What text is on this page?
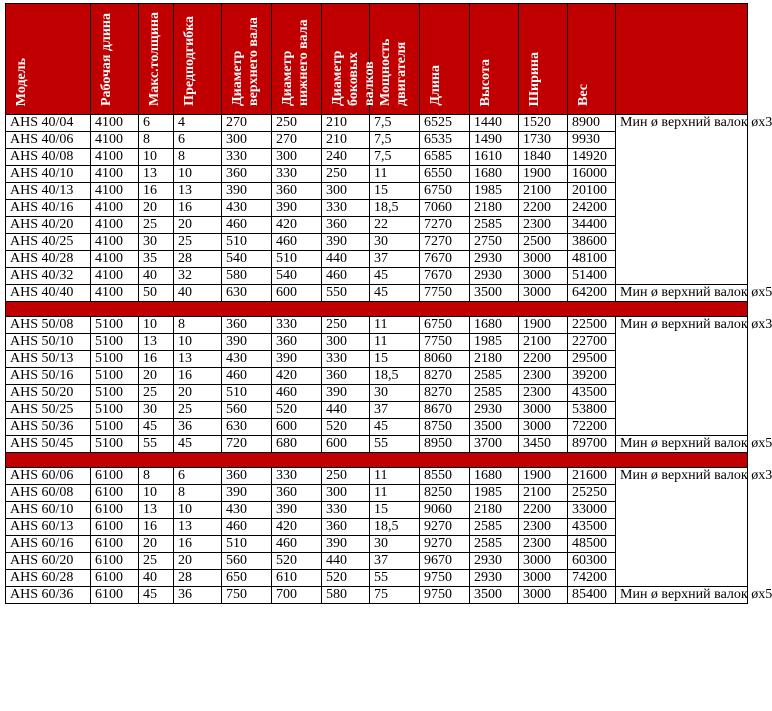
Модель	Рабочая длина	Макс.толщина	Предподгибка	Диаметр верхнего вала	Диаметр нижнего вала	Диаметр боковых валков	Мощность двигателя	Длина	Высота	Ширина	Вес	

AHS 40/04	4100	6	4	270	250	210	7,5	6525	1440	1520	8900	Мин ø верхний валок øx3
AHS 40/06	4100	8	6	300	270	210	7,5	6535	1490	1730	9930	
AHS 40/08	4100	10	8	330	300	240	7,5	6585	1610	1840	14920	
AHS 40/10	4100	13	10	360	330	250	11	6550	1680	1900	16000	
AHS 40/13	4100	16	13	390	360	300	15	6750	1985	2100	20100	
AHS 40/16	4100	20	16	430	390	330	18,5	7060	2180	2200	24200	
AHS 40/20	4100	25	20	460	420	360	22	7270	2585	2300	34400	
AHS 40/25	4100	30	25	510	460	390	30	7270	2750	2500	38600	
AHS 40/28	4100	35	28	540	510	440	37	7670	2930	3000	48100	
AHS 40/32	4100	40	32	580	540	460	45	7670	2930	3000	51400	
AHS 40/40	4100	50	40	630	600	550	45	7750	3500	3000	64200	Мин ø верхний валок øx5

AHS 50/08	5100	10	8	360	330	250	11	6750	1680	1900	22500	Мин ø верхний валок øx3
AHS 50/10	5100	13	10	390	360	300	11	7750	1985	2100	22700	
AHS 50/13	5100	16	13	430	390	330	15	8060	2180	2200	29500	
AHS 50/16	5100	20	16	460	420	360	18,5	8270	2585	2300	39200	
AHS 50/20	5100	25	20	510	460	390	30	8270	2585	2300	43500	
AHS 50/25	5100	30	25	560	520	440	37	8670	2930	3000	53800	
AHS 50/36	5100	45	36	630	600	520	45	8750	3500	3000	72200	
AHS 50/45	5100	55	45	720	680	600	55	8950	3700	3450	89700	Мин ø верхний валок øx5

AHS 60/06	6100	8	6	360	330	250	11	8550	1680	1900	21600	Мин ø верхний валок øx3
AHS 60/08	6100	10	8	390	360	300	11	8250	1985	2100	25250	
AHS 60/10	6100	13	10	430	390	330	15	9060	2180	2200	33000	
AHS 60/13	6100	16	13	460	420	360	18,5	9270	2585	2300	43500	
AHS 60/16	6100	20	16	510	460	390	30	9270	2585	2300	48500	
AHS 60/20	6100	25	20	560	520	440	37	9670	2930	3000	60300	
AHS 60/28	6100	40	28	650	610	520	55	9750	2930	3000	74200	
AHS 60/36	6100	45	36	750	700	580	75	9750	3500	3000	85400	Мин ø верхний валок øx5
